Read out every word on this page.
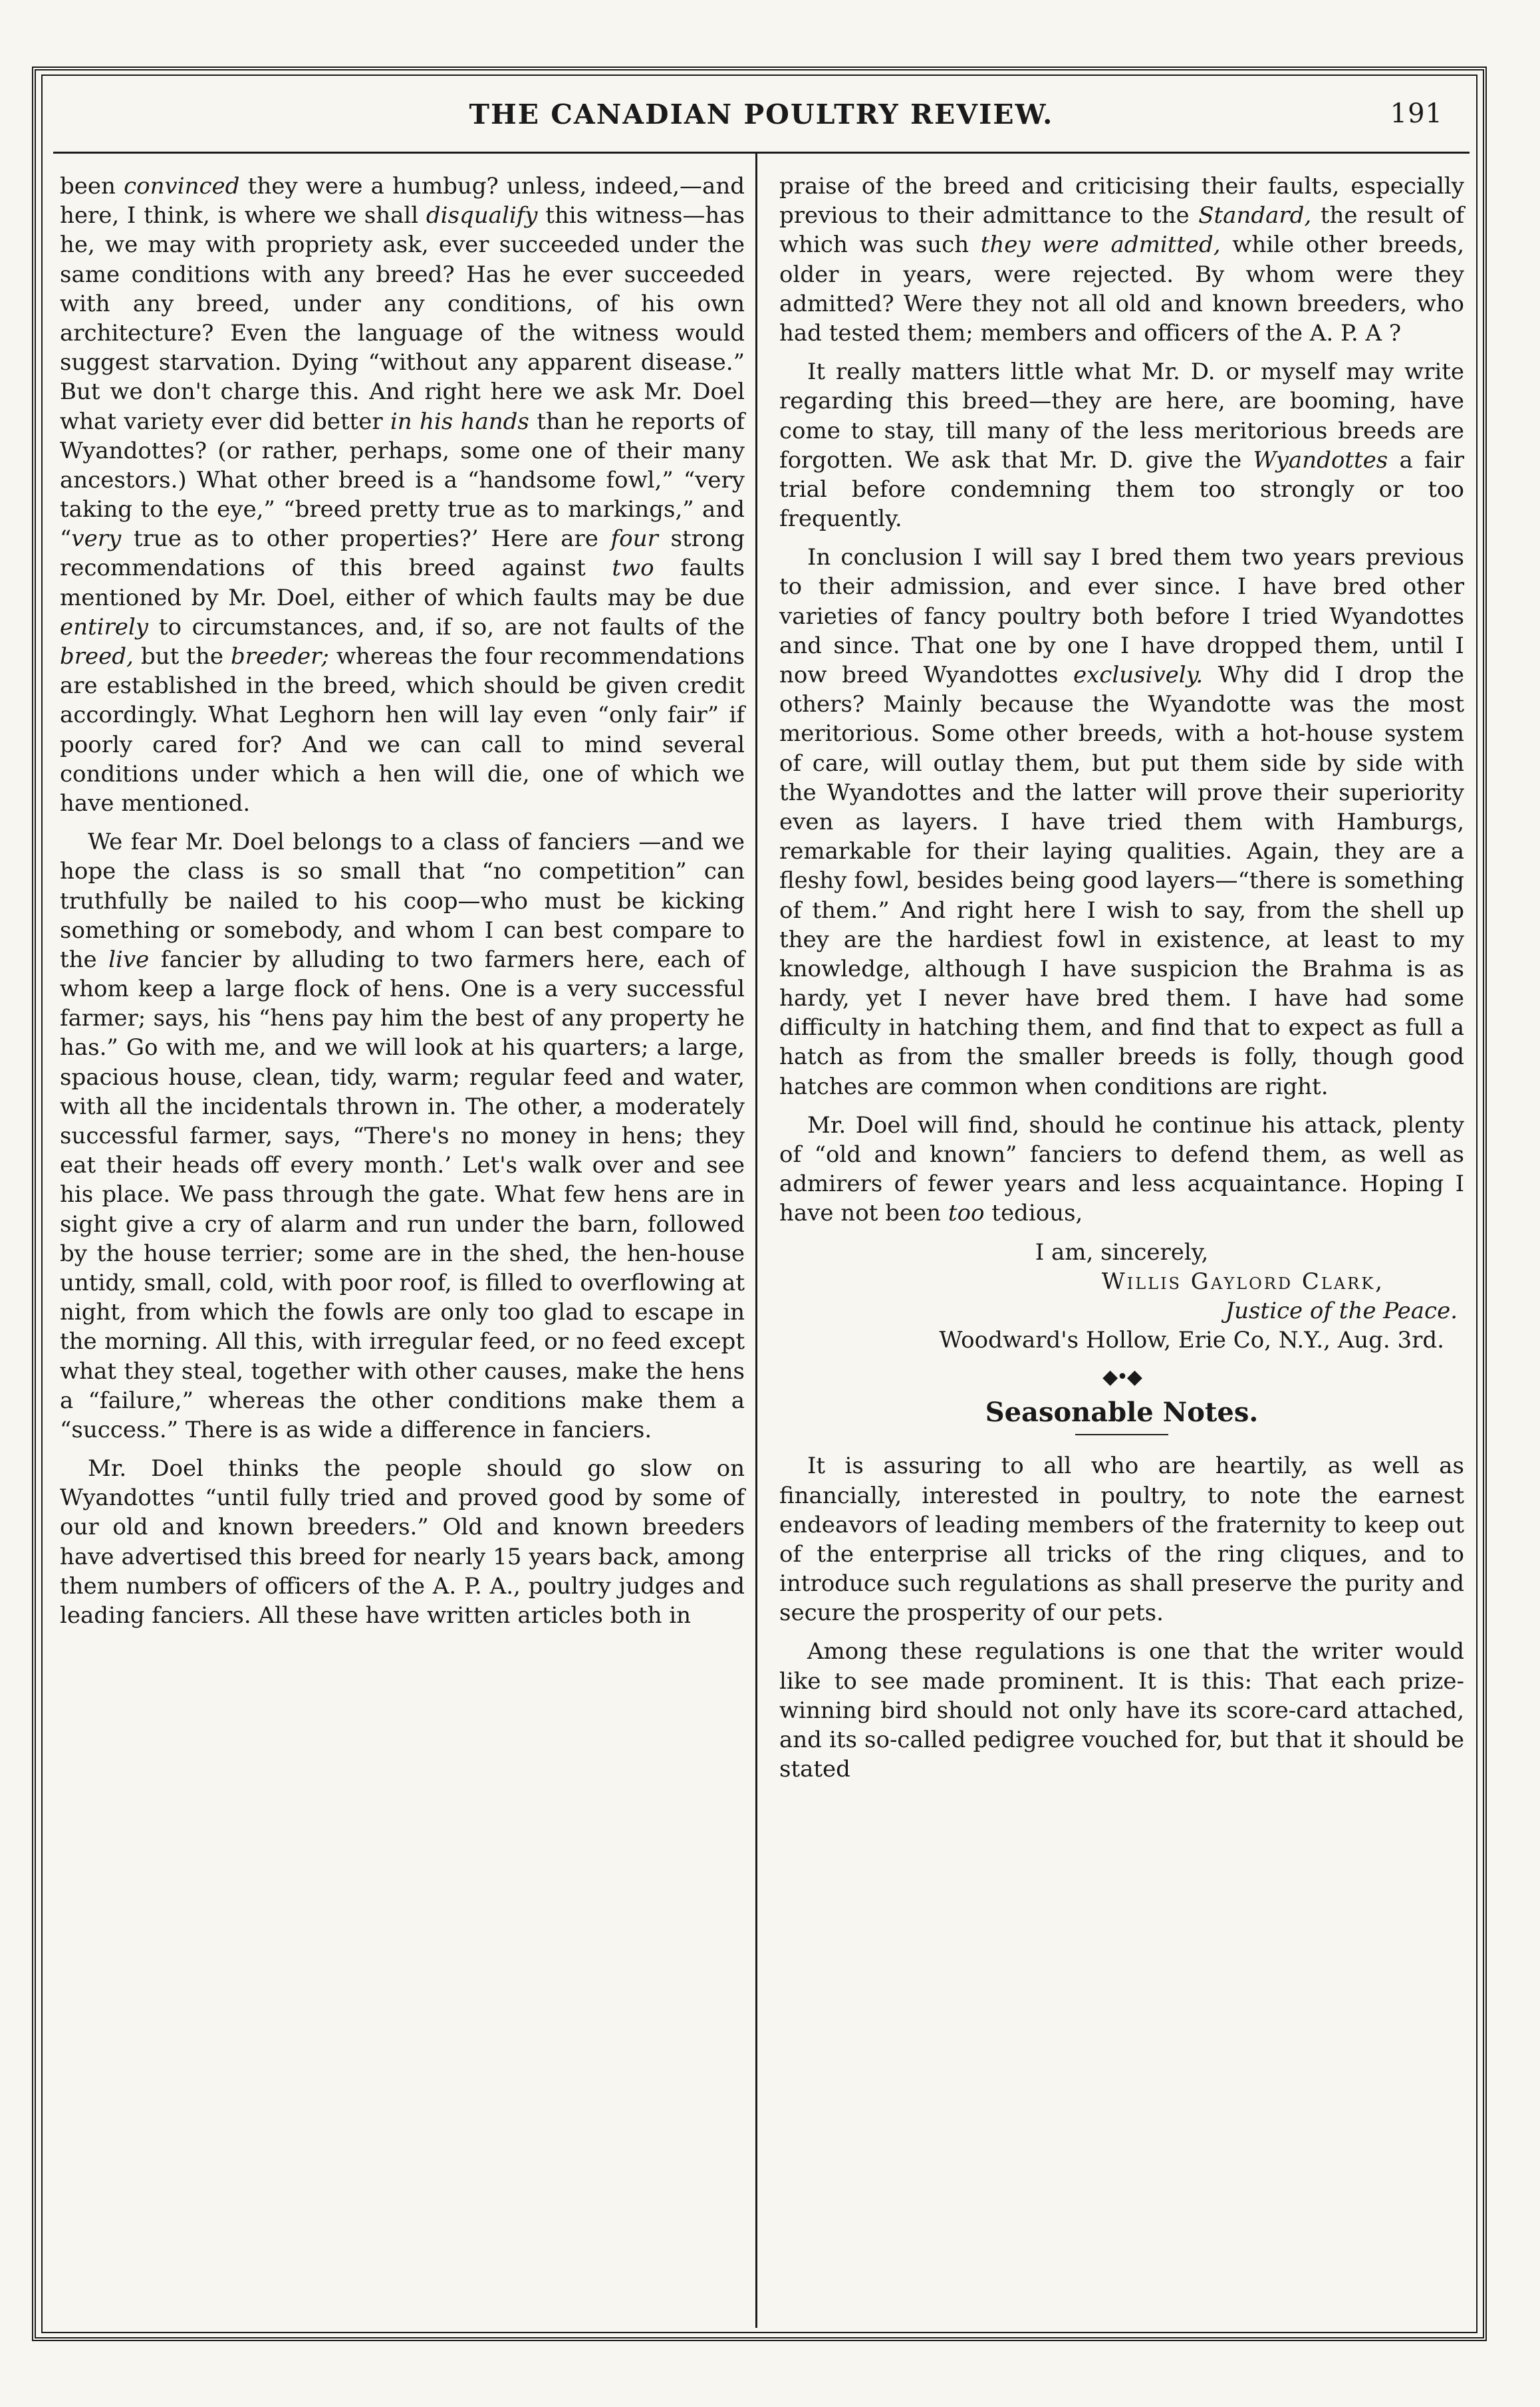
THE CANADIAN POULTRY REVIEW.	191

been convinced they were a humbug? unless, indeed,—and here, I think, is where we shall disqualify this witness—has he, we may with propriety ask, ever succeeded under the same conditions with any breed? Has he ever succeeded with any breed, under any conditions, of his own architecture? Even the language of the witness would suggest starvation. Dying “without any apparent disease.” But we don't charge this. And right here we ask Mr. Doel what variety ever did better in his hands than he reports of Wyandottes? (or rather, perhaps, some one of their many ancestors.) What other breed is a “handsome fowl,” “very taking to the eye,” “breed pretty true as to markings,” and “very true as to other properties?’ Here are four strong recommendations of this breed against two faults mentioned by Mr. Doel, either of which faults may be due entirely to circumstances, and, if so, are not faults of the breed, but the breeder; whereas the four recommendations are established in the breed, which should be given credit accordingly. What Leghorn hen will lay even “only fair” if poorly cared for? And we can call to mind several conditions under which a hen will die, one of which we have mentioned.

We fear Mr. Doel belongs to a class of fanciers —and we hope the class is so small that “no competition” can truthfully be nailed to his coop—who must be kicking something or somebody, and whom I can best compare to the live fancier by alluding to two farmers here, each of whom keep a large flock of hens. One is a very successful farmer; says, his “hens pay him the best of any property he has.” Go with me, and we will look at his quarters; a large, spacious house, clean, tidy, warm; regular feed and water, with all the incidentals thrown in. The other, a moderately successful farmer, says, “There's no money in hens; they eat their heads off every month.’ Let's walk over and see his place. We pass through the gate. What few hens are in sight give a cry of alarm and run under the barn, followed by the house terrier; some are in the shed, the hen-house untidy, small, cold, with poor roof, is filled to overflowing at night, from which the fowls are only too glad to escape in the morning. All this, with irregular feed, or no feed except what they steal, together with other causes, make the hens a “failure,” whereas the other conditions make them a “success.” There is as wide a difference in fanciers.

Mr. Doel thinks the people should go slow on Wyandottes “until fully tried and proved good by some of our old and known breeders.” Old and known breeders have advertised this breed for nearly 15 years back, among them numbers of officers of the A. P. A., poultry judges and leading fanciers. All these have written articles both in

praise of the breed and criticising their faults, especially previous to their admittance to the Standard, the result of which was such they were admitted, while other breeds, older in years, were rejected. By whom were they admitted? Were they not all old and known breeders, who had tested them; members and officers of the A. P. A ?

It really matters little what Mr. D. or myself may write regarding this breed—they are here, are booming, have come to stay, till many of the less meritorious breeds are forgotten. We ask that Mr. D. give the Wyandottes a fair trial before condemning them too strongly or too frequently.

In conclusion I will say I bred them two years previous to their admission, and ever since. I have bred other varieties of fancy poultry both before I tried Wyandottes and since. That one by one I have dropped them, until I now breed Wyandottes exclusively. Why did I drop the others? Mainly because the Wyandotte was the most meritorious. Some other breeds, with a hot-house system of care, will outlay them, but put them side by side with the Wyandottes and the latter will prove their superiority even as layers. I have tried them with Hamburgs, remarkable for their laying qualities. Again, they are a fleshy fowl, besides being good layers—“there is something of them.” And right here I wish to say, from the shell up they are the hardiest fowl in existence, at least to my knowledge, although I have suspicion the Brahma is as hardy, yet I never have bred them. I have had some difficulty in hatching them, and find that to expect as full a hatch as from the smaller breeds is folly, though good hatches are common when conditions are right.

Mr. Doel will find, should he continue his attack, plenty of “old and known” fanciers to defend them, as well as admirers of fewer years and less acquaintance. Hoping I have not been too tedious,

I am, sincerely,
Willis Gaylord Clark,
Justice of the Peace.
Woodward's Hollow, Erie Co, N.Y., Aug. 3rd.
◆•◆
Seasonable Notes.

It is assuring to all who are heartily, as well as financially, interested in poultry, to note the earnest endeavors of leading members of the fraternity to keep out of the enterprise all tricks of the ring cliques, and to introduce such regulations as shall preserve the purity and secure the prosperity of our pets.

Among these regulations is one that the writer would like to see made prominent. It is this: That each prize-winning bird should not only have its score-card attached, and its so-called pedigree vouched for, but that it should be stated
